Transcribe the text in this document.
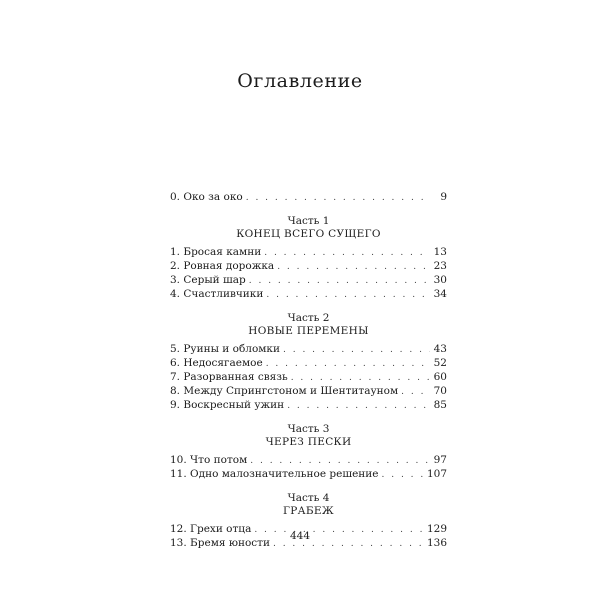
Оглавление
0. Око за око . . .	9
Часть 1
КОНЕЦ ВСЕГО СУЩЕГО
1. Бросая камни . . .	13
2. Ровная дорожка . . .	23
3. Серый шар . . .	30
4. Счастливчики . . .	34
Часть 2
НОВЫЕ ПЕРЕМЕНЫ
5. Руины и обломки . . .	43
6. Недосягаемое . . .	52
7. Разорванная связь . . .	60
8. Между Спрингстоном и Шентитауном . . .	70
9. Воскресный ужин . . .	85
Часть 3
ЧЕРЕЗ ПЕСКИ
10. Что потом . . .	97
11. Одно малозначительное решение . . .	107
Часть 4
ГРАБЕЖ
12. Грехи отца . . .	129
13. Бремя юности . . .	136
444
